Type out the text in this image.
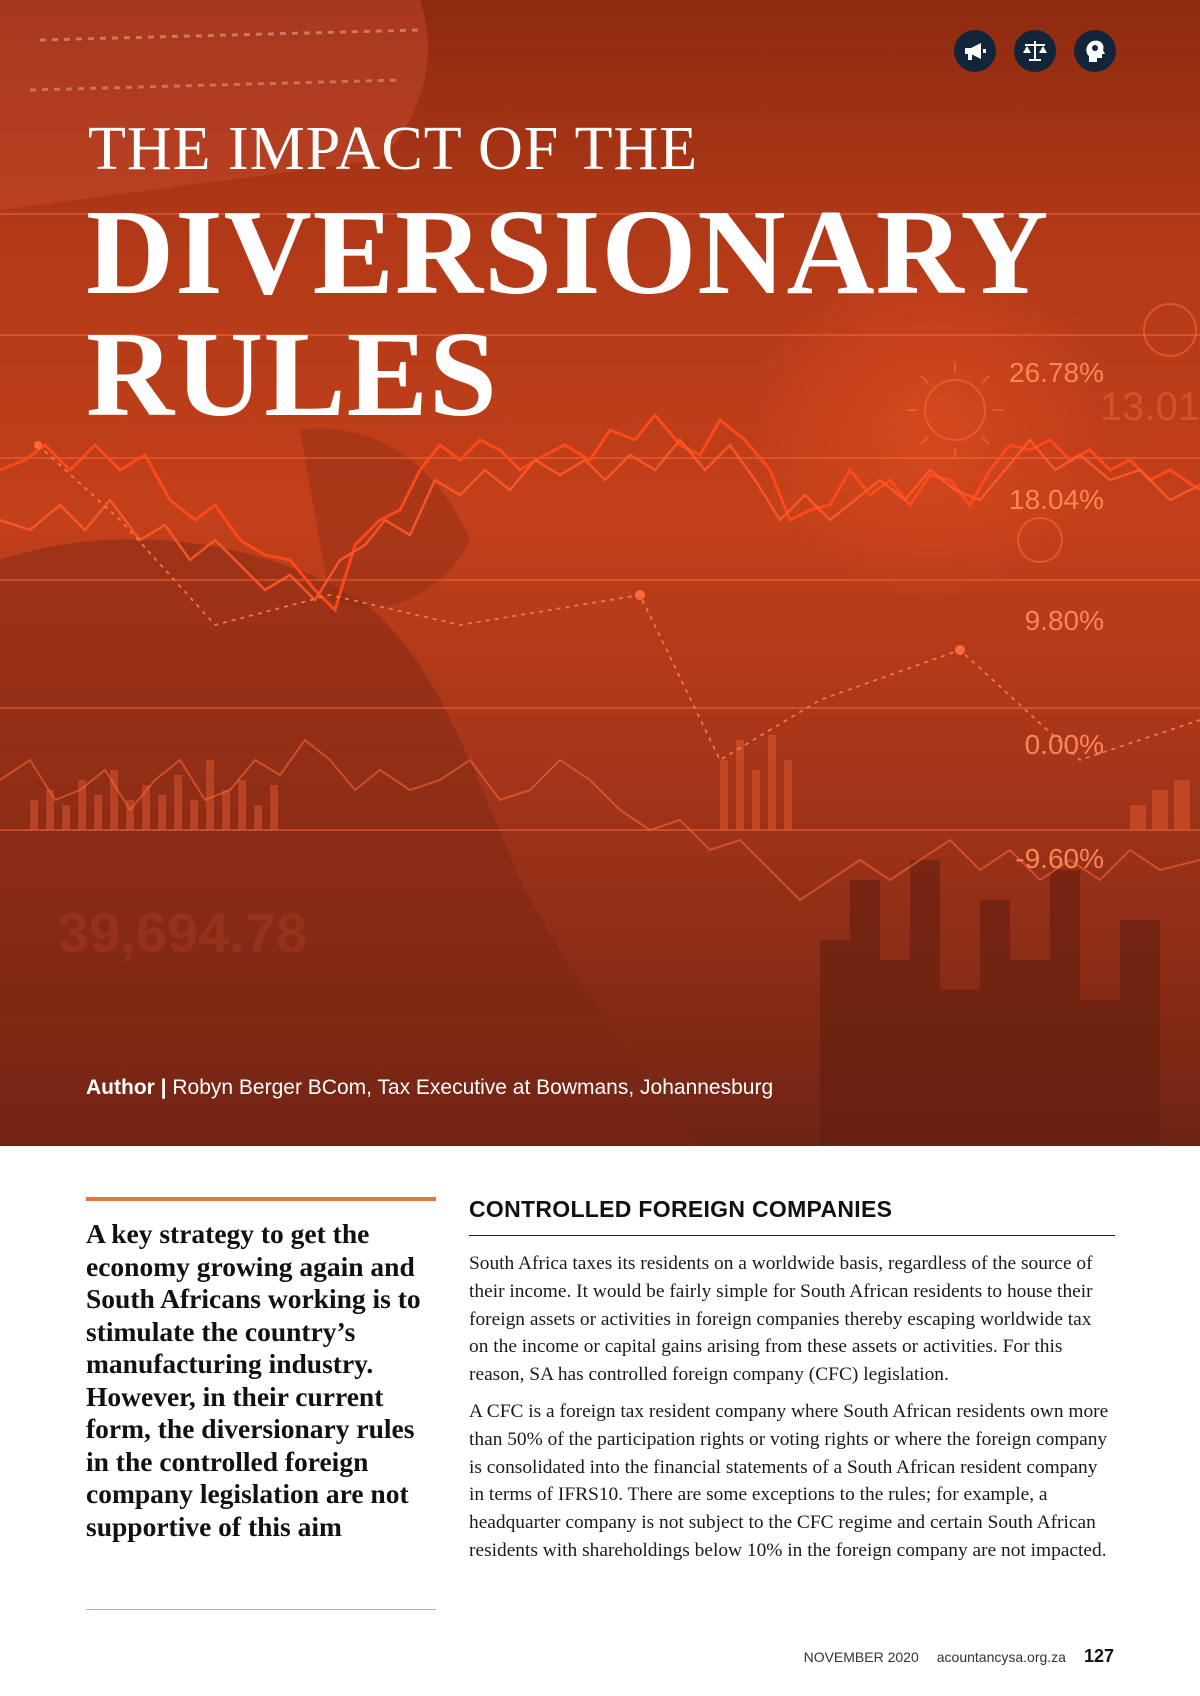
26.78%
18.04%
9.80%
0.00%
-9.60%
13.01
39,694.78
THE IMPACT OF THE
DIVERSIONARY
RULES
Author | Robyn Berger BCom, Tax Executive at Bowmans, Johannesburg

A key strategy to get the economy growing again and South Africans working is to stimulate the country’s manufacturing industry. However, in their current form, the diversionary rules in the controlled foreign company legislation are not supportive of this aim

CONTROLLED FOREIGN COMPANIES

South Africa taxes its residents on a worldwide basis, regardless of the source of their income. It would be fairly simple for South African residents to house their foreign assets or activities in foreign companies thereby escaping worldwide tax on the income or capital gains arising from these assets or activities. For this reason, SA has controlled foreign company (CFC) legislation.

A CFC is a foreign tax resident company where South African residents own more than 50% of the participation rights or voting rights or where the foreign company is consolidated into the financial statements of a South African resident company in terms of IFRS10. There are some exceptions to the rules; for example, a headquarter company is not subject to the CFC regime and certain South African residents with shareholdings below 10% in the foreign company are not impacted.

NOVEMBER 2020 acountancysa.org.za 127
